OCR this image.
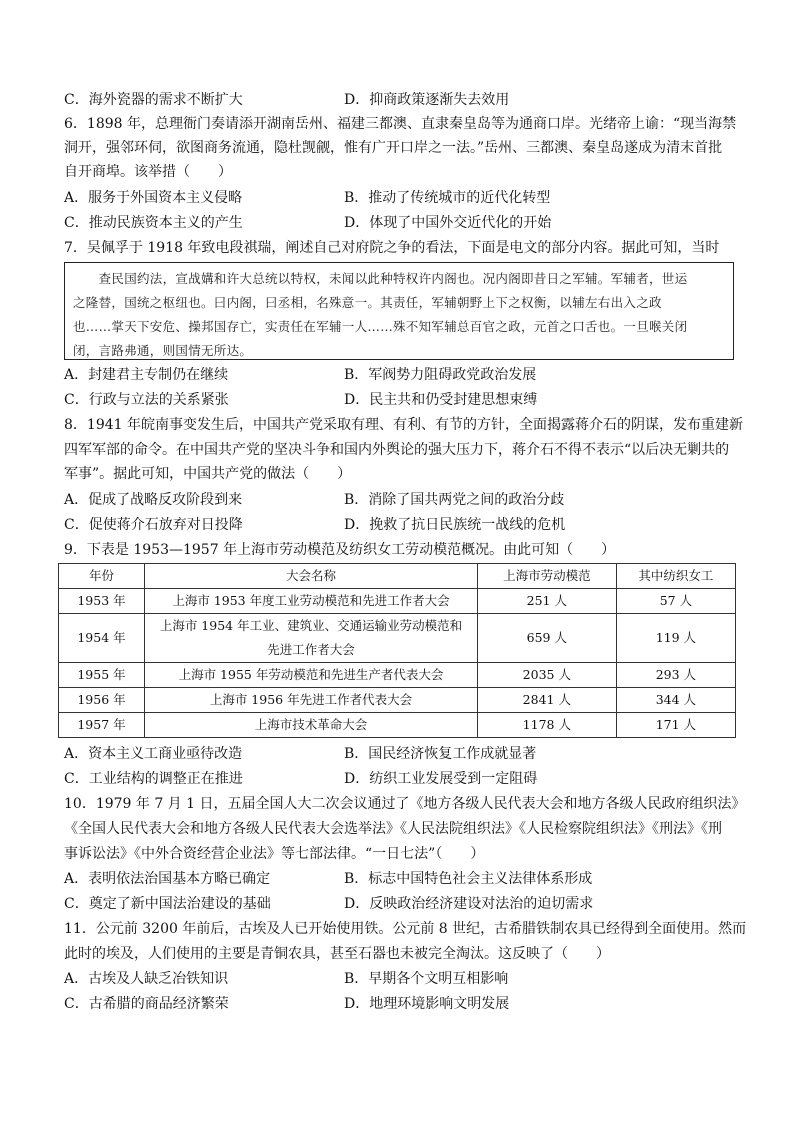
C．海外瓷器的需求不断扩大	D．抑商政策逐渐失去效用
6．1898 年，总理衙门奏请添开湖南岳州、福建三都澳、直隶秦皇岛等为通商口岸。光绪帝上谕：“现当海禁
洞开，强邻环伺，欲图商务流通，隐杜觊觎，惟有广开口岸之一法。”岳州、三都澳、秦皇岛遂成为清末首批
自开商埠。该举措（　　）
A．服务于外国资本主义侵略	B．推动了传统城市的近代化转型
C．推动民族资本主义的产生	D．体现了中国外交近代化的开始
7．吴佩孚于 1918 年致电段祺瑞，阐述自己对府院之争的看法，下面是电文的部分内容。据此可知，当时
　　查民国约法，宣战媾和许大总统以特权，未闻以此种特权许内阁也。况内阁即昔日之军辅。军辅者，世运
之隆替，国统之枢纽也。曰内阁，曰丞相，名殊意一。其责任，军辅朝野上下之权衡，以辅左右出入之政
也……掌天下安危、操邦国存亡，实责任在军辅一人……殊不知军辅总百官之政，元首之口舌也。一旦喉关闭
闭，言路弗通，则国情无所达。
A．封建君主专制仍在继续	B．军阀势力阻碍政党政治发展
C．行政与立法的关系紧张	D．民主共和仍受封建思想束缚
8．1941 年皖南事变发生后，中国共产党采取有理、有利、有节的方针，全面揭露蒋介石的阴谋，发布重建新
四军军部的命令。在中国共产党的坚决斗争和国内外舆论的强大压力下，蒋介石不得不表示“以后决无剿共的
军事”。据此可知，中国共产党的做法（　　）
A．促成了战略反攻阶段到来	B．消除了国共两党之间的政治分歧
C．促使蒋介石放弃对日投降	D．挽救了抗日民族统一战线的危机
9．下表是 1953—1957 年上海市劳动模范及纺织女工劳动模范概况。由此可知（　　）
年份	大会名称	上海市劳动模范	其中纺织女工
1953 年	上海市 1953 年度工业劳动模范和先进工作者大会	251 人	57 人
1954 年	上海市 1954 年工业、建筑业、交通运输业劳动模范和
先进工作者大会	659 人	119 人
1955 年	上海市 1955 年劳动模范和先进生产者代表大会	2035 人	293 人
1956 年	上海市 1956 年先进工作者代表大会	2841 人	344 人
1957 年	上海市技术革命大会	1178 人	171 人
A．资本主义工商业亟待改造	B．国民经济恢复工作成就显著
C．工业结构的调整正在推进	D．纺织工业发展受到一定阻碍
10．1979 年 7 月 1 日，五届全国人大二次会议通过了《地方各级人民代表大会和地方各级人民政府组织法》
《全国人民代表大会和地方各级人民代表大会选举法》《人民法院组织法》《人民检察院组织法》《刑法》《刑
事诉讼法》《中外合资经营企业法》等七部法律。“一日七法”（　　）
A．表明依法治国基本方略已确定	B．标志中国特色社会主义法律体系形成
C．奠定了新中国法治建设的基础	D．反映政治经济建设对法治的迫切需求
11．公元前 3200 年前后，古埃及人已开始使用铁。公元前 8 世纪，古希腊铁制农具已经得到全面使用。然而
此时的埃及，人们使用的主要是青铜农具，甚至石器也未被完全淘汰。这反映了（　　）
A．古埃及人缺乏冶铁知识	B．早期各个文明互相影响
C．古希腊的商品经济繁荣	D．地理环境影响文明发展
